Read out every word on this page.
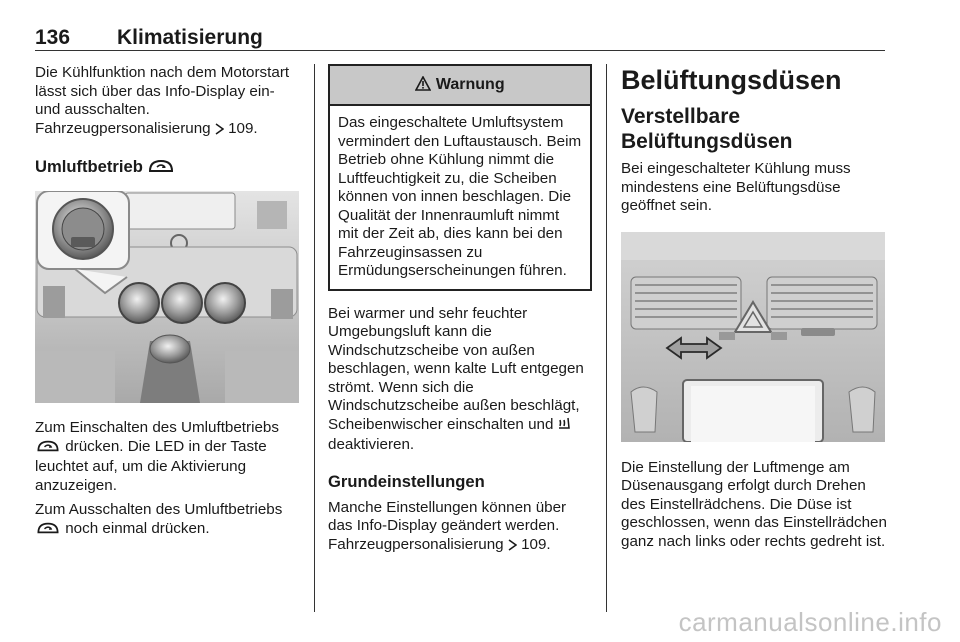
136 Klimatisierung

Die Kühlfunktion nach dem Motorstart lässt sich über das Info-Display ein- und ausschalten. Fahrzeugpersonalisierung 109.

Umluftbetrieb

Zum Einschalten des Umluftbetriebs  drücken. Die LED in der Taste leuchtet auf, um die Aktivierung anzuzeigen.

Zum Ausschalten des Umluftbetriebs  noch einmal drücken.

Warnung
Das eingeschaltete Umluftsystem vermindert den Luftaustausch. Beim Betrieb ohne Kühlung nimmt die Luftfeuchtigkeit zu, die Scheiben können von innen beschlagen. Die Qualität der Innenraumluft nimmt mit der Zeit ab, dies kann bei den Fahrzeuginsassen zu Ermüdungserscheinungen führen.

Bei warmer und sehr feuchter Umgebungsluft kann die Windschutzscheibe von außen beschlagen, wenn kalte Luft entgegen strömt. Wenn sich die Windschutzscheibe außen beschlägt, Scheibenwischer einschalten und  deaktivieren.

Grundeinstellungen

Manche Einstellungen können über das Info-Display geändert werden. Fahrzeugpersonalisierung 109.

Belüftungsdüsen

Verstellbare Belüftungsdüsen

Bei eingeschalteter Kühlung muss mindestens eine Belüftungsdüse geöffnet sein.

Die Einstellung der Luftmenge am Düsenausgang erfolgt durch Drehen des Einstellrädchens. Die Düse ist geschlossen, wenn das Einstellrädchen ganz nach links oder rechts gedreht ist.

carmanualsonline.info
